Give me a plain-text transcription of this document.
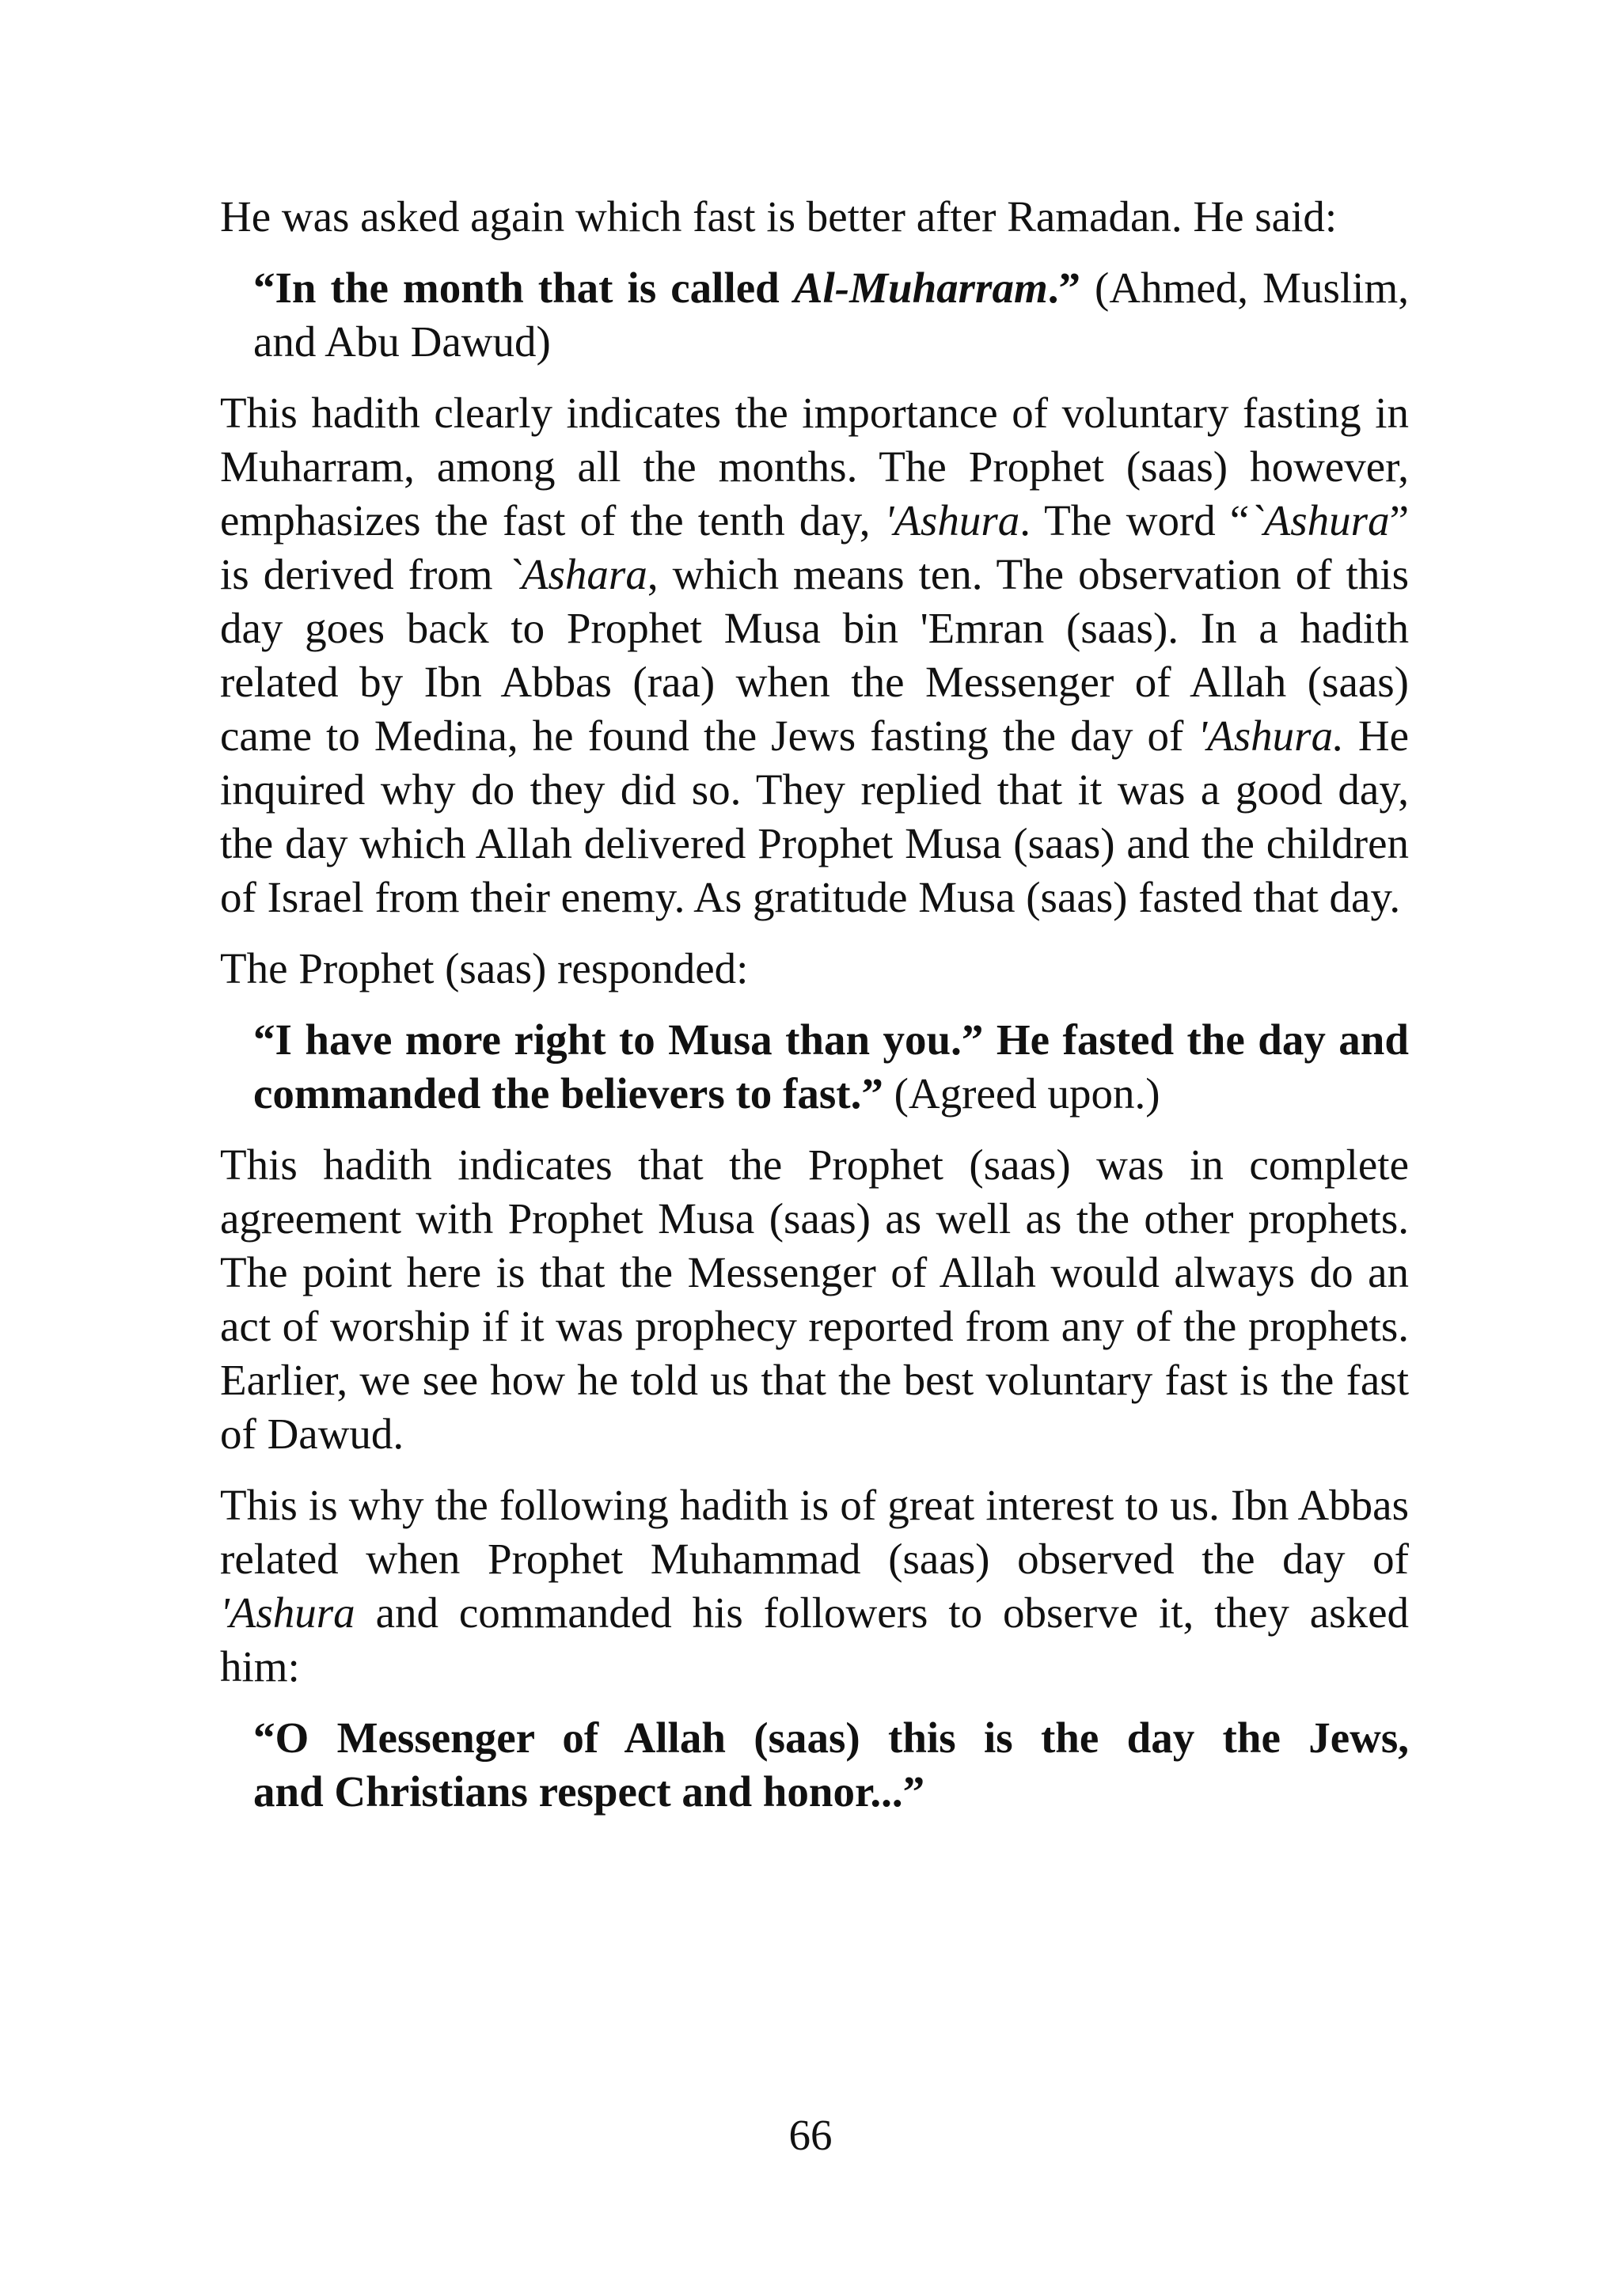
He was asked again which fast is better after Ramadan. He said:

“In the month that is called Al-Muharram.” (Ahmed, Muslim, and Abu Dawud)

This hadith clearly indicates the importance of voluntary fasting in Muharram, among all the months. The Prophet (saas) however, emphasizes the fast of the tenth day, 'Ashura. The word “`Ashura” is derived from `Ashara, which means ten. The observation of this day goes back to Prophet Musa bin 'Emran (saas). In a hadith related by Ibn Abbas (raa) when the Messenger of Allah (saas) came to Medina, he found the Jews fasting the day of 'Ashura. He inquired why do they did so. They replied that it was a good day, the day which Allah delivered Prophet Musa (saas) and the children of Israel from their enemy. As gratitude Musa (saas) fasted that day.

The Prophet (saas) responded:

“I have more right to Musa than you.” He fasted the day and commanded the believers to fast.” (Agreed upon.)

This hadith indicates that the Prophet (saas) was in complete agreement with Prophet Musa (saas) as well as the other prophets. The point here is that the Messenger of Allah would always do an act of worship if it was prophecy reported from any of the prophets. Earlier, we see how he told us that the best voluntary fast is the fast of Dawud.

This is why the following hadith is of great interest to us. Ibn Abbas related when Prophet Muhammad (saas) observed the day of 'Ashura and commanded his followers to observe it, they asked him:

“O Messenger of Allah (saas) this is the day the Jews,
and Christians respect and honor...”

66
